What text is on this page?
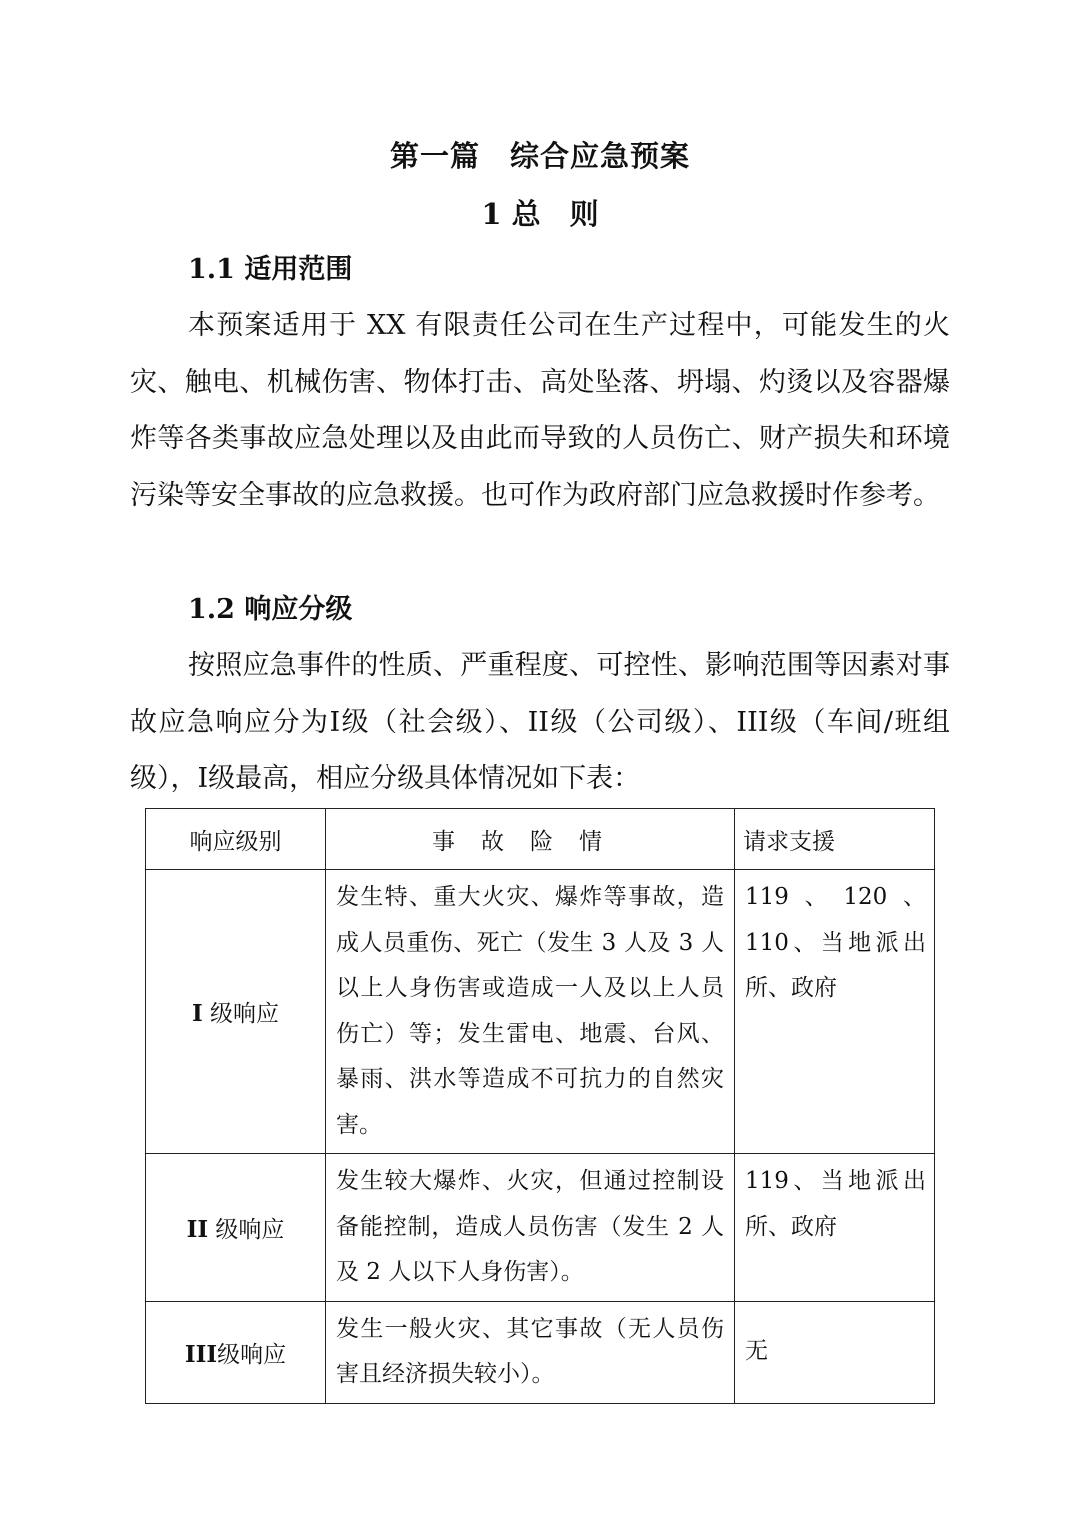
第一篇　综合应急预案
1 总　则
1.1 适用范围

本预案适用于 XX 有限责任公司在生产过程中，可能发生的火灾、触电、机械伤害、物体打击、高处坠落、坍塌、灼烫以及容器爆炸等各类事故应急处理以及由此而导致的人员伤亡、财产损失和环境污染等安全事故的应急救援。也可作为政府部门应急救援时作参考。

1.2 响应分级

按照应急事件的性质、严重程度、可控性、影响范围等因素对事故应急响应分为I级（社会级）、II级（公司级）、III级（车间/班组级），I级最高，相应分级具体情况如下表：

响应级别	事故险情	请求支援
I 级响应	发生特、重大火灾、爆炸等事故，造成人员重伤、死亡（发生 3 人及 3 人以上人身伤害或造成一人及以上人员伤亡）等；发生雷电、地震、台风、暴雨、洪水等造成不可抗力的自然灾害。	119、120、110、当地派出所、政府
II 级响应	发生较大爆炸、火灾，但通过控制设备能控制，造成人员伤害（发生 2 人及 2 人以下人身伤害）。	119、当地派出所、政府
III级响应	发生一般火灾、其它事故（无人员伤害且经济损失较小）。	无
